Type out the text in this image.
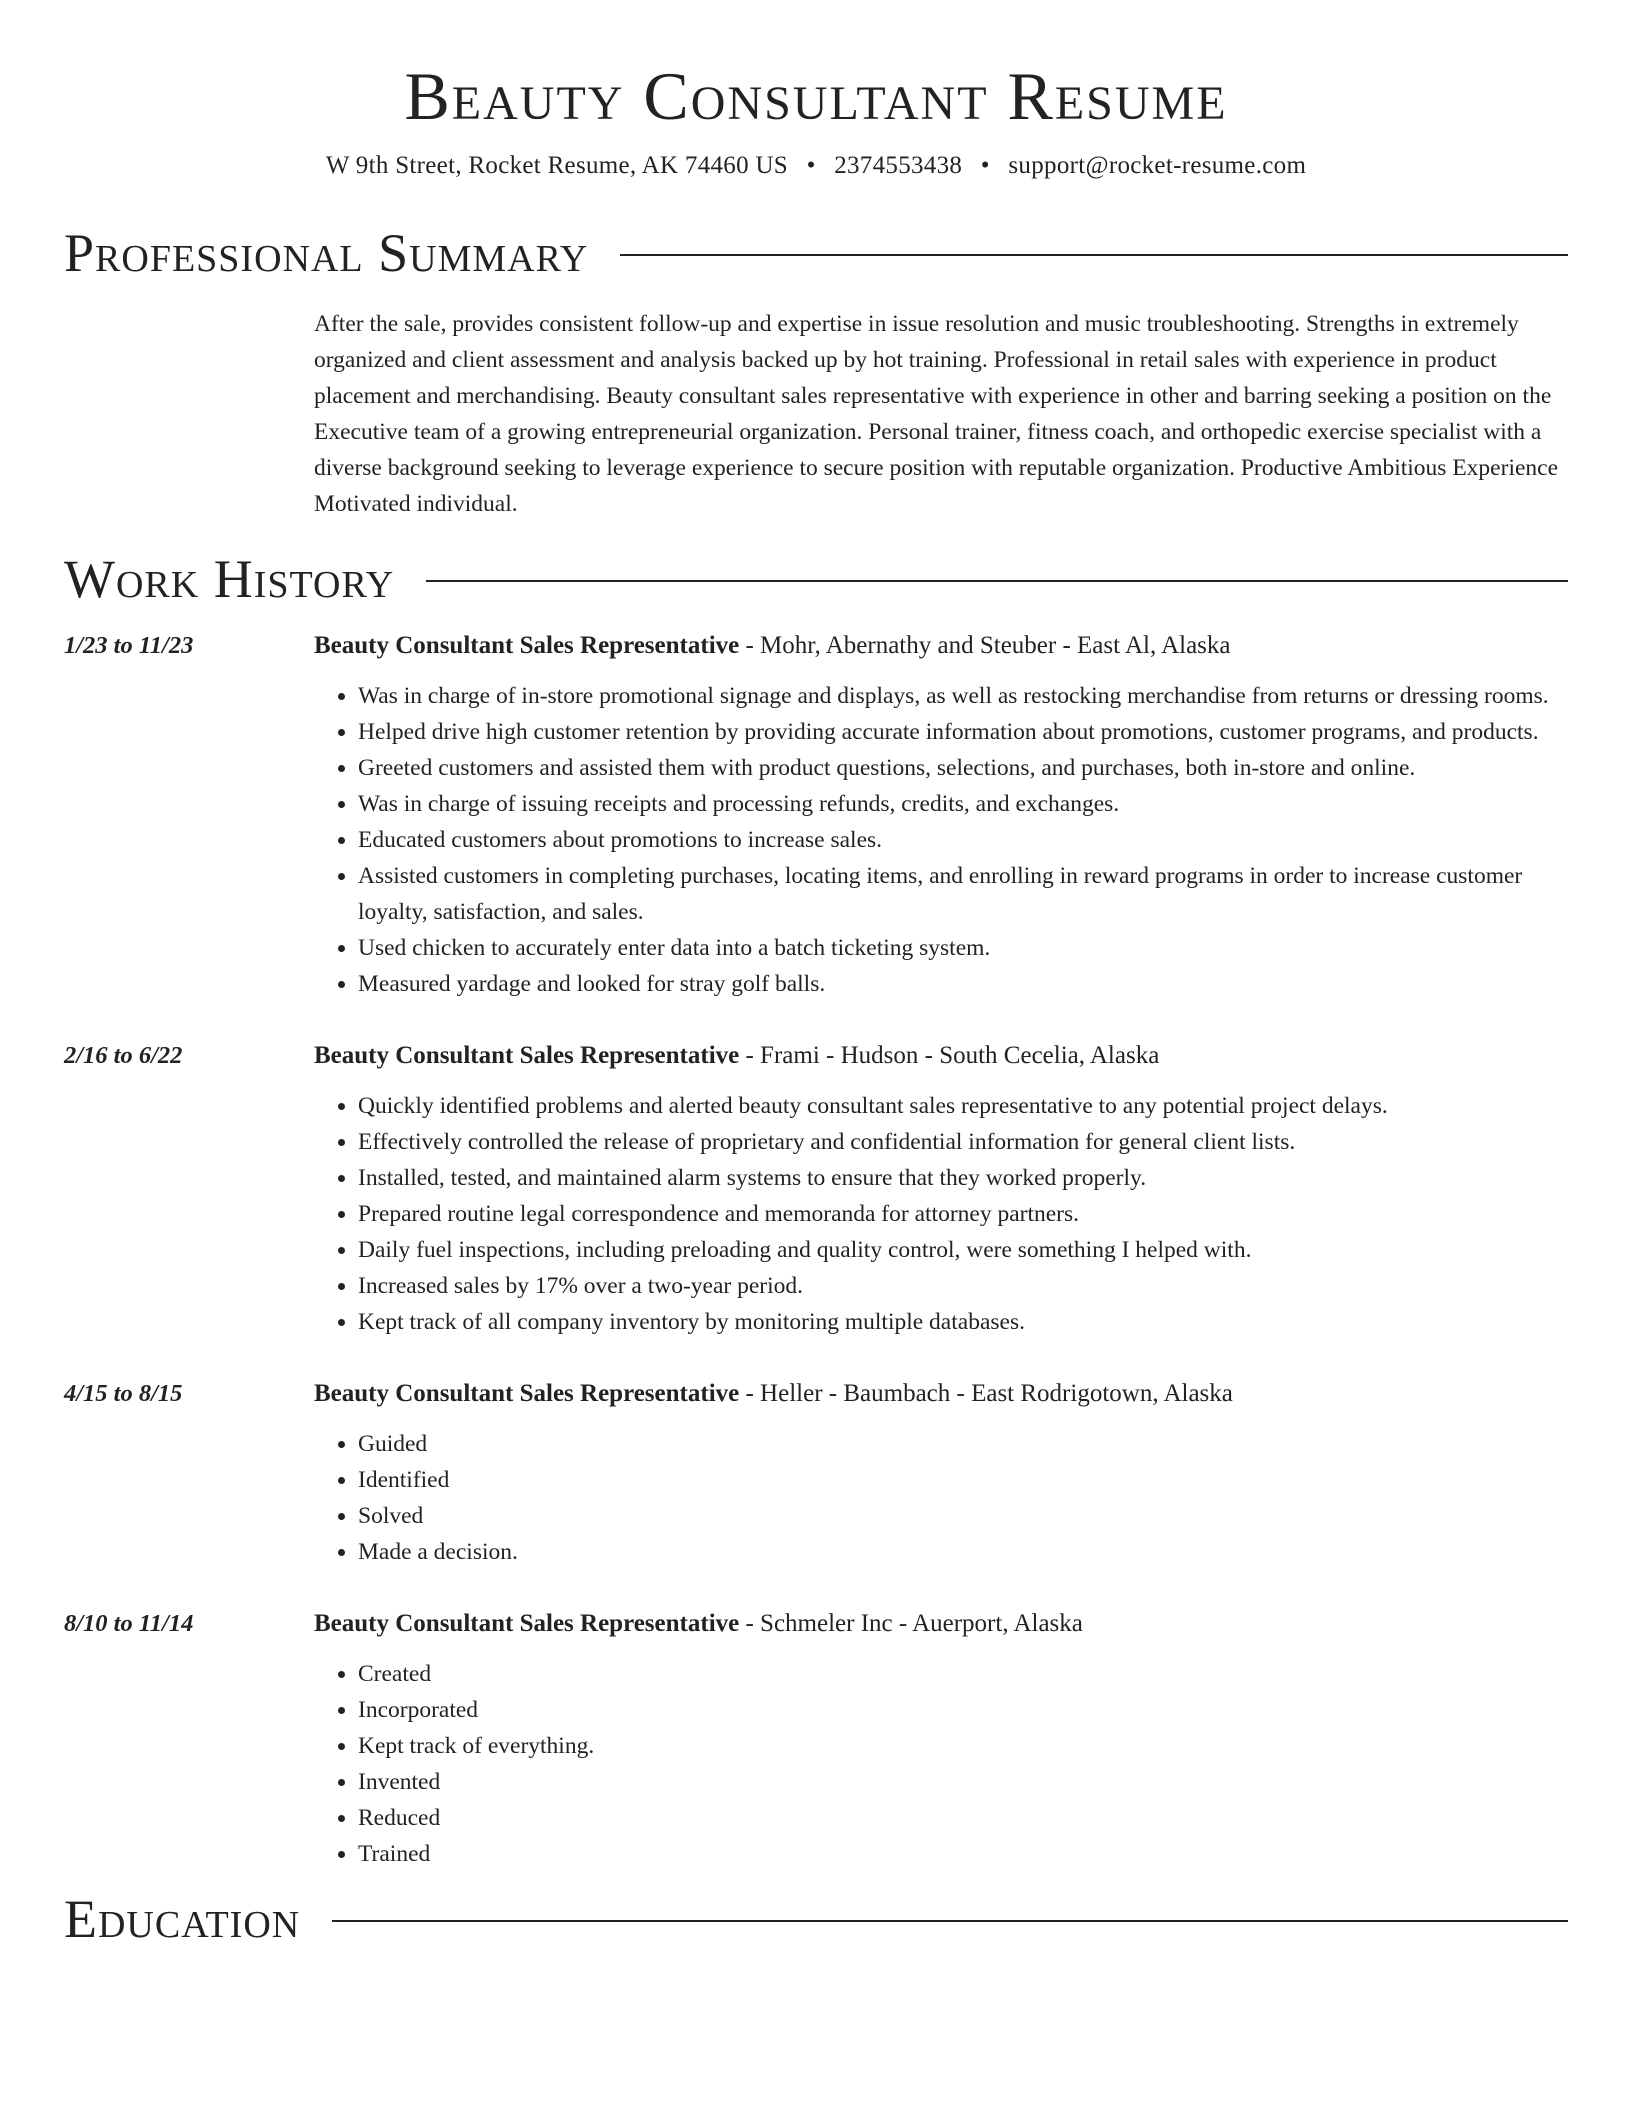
Beauty Consultant Resume
W 9th Street, Rocket Resume, AK 74460 US • 2374553438 • support@rocket-resume.com
Professional Summary
After the sale, provides consistent follow-up and expertise in issue resolution and music troubleshooting. Strengths in extremely organized and client assessment and analysis backed up by hot training. Professional in retail sales with experience in product placement and merchandising. Beauty consultant sales representative with experience in other and barring seeking a position on the Executive team of a growing entrepreneurial organization. Personal trainer, fitness coach, and orthopedic exercise specialist with a diverse background seeking to leverage experience to secure position with reputable organization. Productive Ambitious Experience Motivated individual.
Work History
1/23 to 11/23	Beauty Consultant Sales Representative - Mohr, Abernathy and Steuber - East Al, Alaska
• Was in charge of in-store promotional signage and displays, as well as restocking merchandise from returns or dressing rooms.
• Helped drive high customer retention by providing accurate information about promotions, customer programs, and products.
• Greeted customers and assisted them with product questions, selections, and purchases, both in-store and online.
• Was in charge of issuing receipts and processing refunds, credits, and exchanges.
• Educated customers about promotions to increase sales.
• Assisted customers in completing purchases, locating items, and enrolling in reward programs in order to increase customer loyalty, satisfaction, and sales.
• Used chicken to accurately enter data into a batch ticketing system.
• Measured yardage and looked for stray golf balls.
2/16 to 6/22	Beauty Consultant Sales Representative - Frami - Hudson - South Cecelia, Alaska
• Quickly identified problems and alerted beauty consultant sales representative to any potential project delays.
• Effectively controlled the release of proprietary and confidential information for general client lists.
• Installed, tested, and maintained alarm systems to ensure that they worked properly.
• Prepared routine legal correspondence and memoranda for attorney partners.
• Daily fuel inspections, including preloading and quality control, were something I helped with.
• Increased sales by 17% over a two-year period.
• Kept track of all company inventory by monitoring multiple databases.
4/15 to 8/15	Beauty Consultant Sales Representative - Heller - Baumbach - East Rodrigotown, Alaska
• Guided
• Identified
• Solved
• Made a decision.
8/10 to 11/14	Beauty Consultant Sales Representative - Schmeler Inc - Auerport, Alaska
• Created
• Incorporated
• Kept track of everything.
• Invented
• Reduced
• Trained
Education
